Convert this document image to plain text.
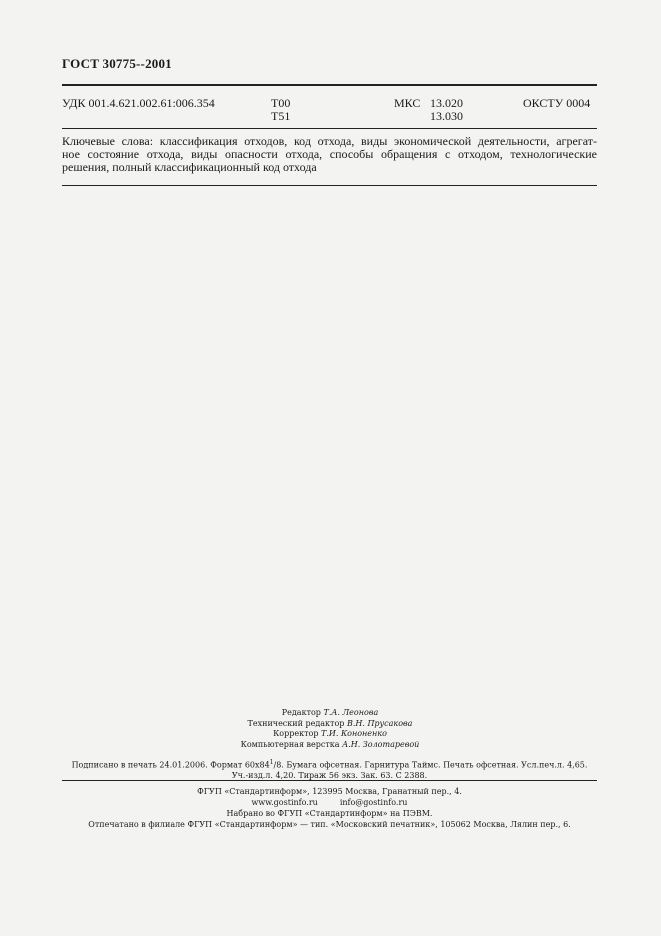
ГОСТ 30775--2001
УДК 001.4.621.002.61:006.354	Т00
Т51
МКС 13.020
13.030
ОКСТУ 0004
Ключевые слова: классификация отходов, код отхода, виды экономической деятельности, агрегат-
ное состояние отхода, виды опасности отхода, способы обращения с отходом, технологические
решения, полный классификационный код отхода
Редактор Т.А. Леонова
Технический редактор В.Н. Прусакова
Корректор Т.И. Кононенко
Компьютерная верстка А.Н. Золотаревой
Подписано в печать 24.01.2006. Формат $60x84^1/8$. Бумага офсетная. Гарнитура Таймс. Печать офсетная. Усл.печ.л. 4,65.
Уч.-изд.л. 4,20. Тираж 56 экз. Зак. 63. С 2388.
ФГУП «Стандартинформ», 123995 Москва, Гранатный пер., 4.
www.gostinfo.ru	info@gostinfo.ru
Набрано во ФГУП «Стандартинформ» на ПЭВМ.
Отпечатано в филиале ФГУП «Стандартинформ» — тип. «Московский печатник», 105062 Москва, Лялин пер., 6.
